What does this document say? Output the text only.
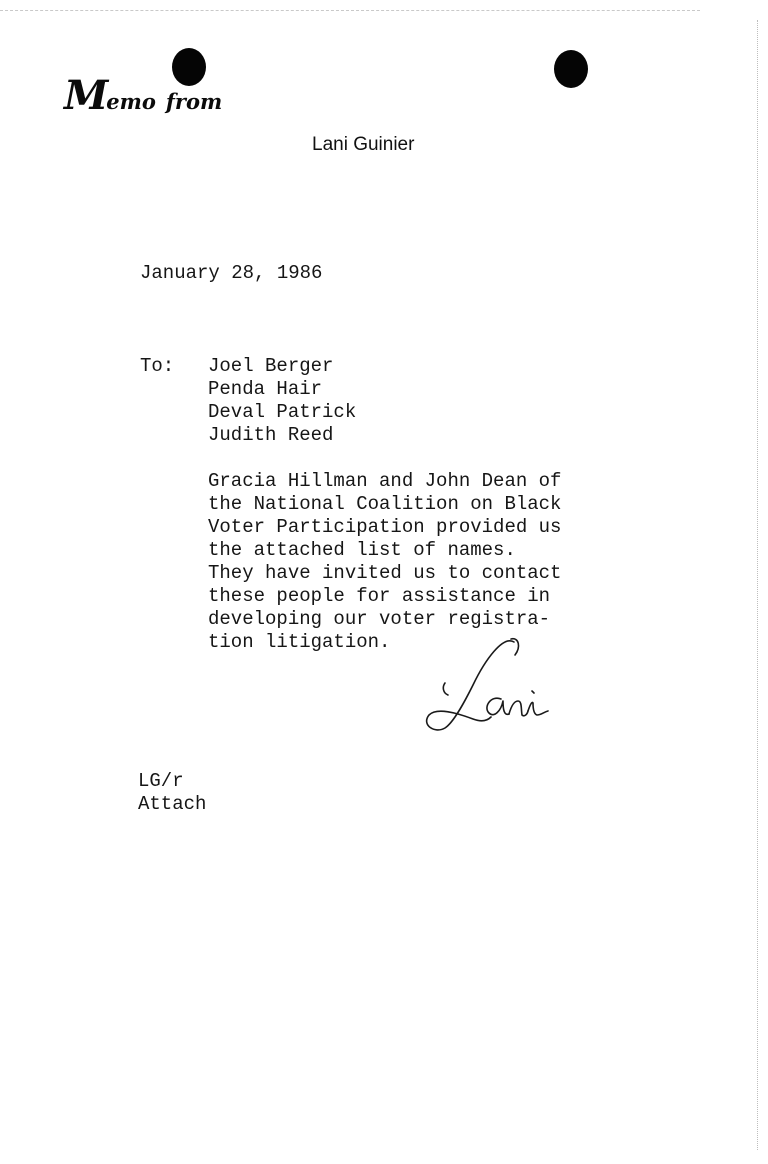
Memo from

Lani Guinier

January 28, 1986

To: Joel Berger
Penda Hair
Deval Patrick
Judith Reed
Gracia Hillman and John Dean of
the National Coalition on Black
Voter Participation provided us
the attached list of names.
They have invited us to contact
these people for assistance in
developing our voter registra-
tion litigation.

LG/r

Attach
